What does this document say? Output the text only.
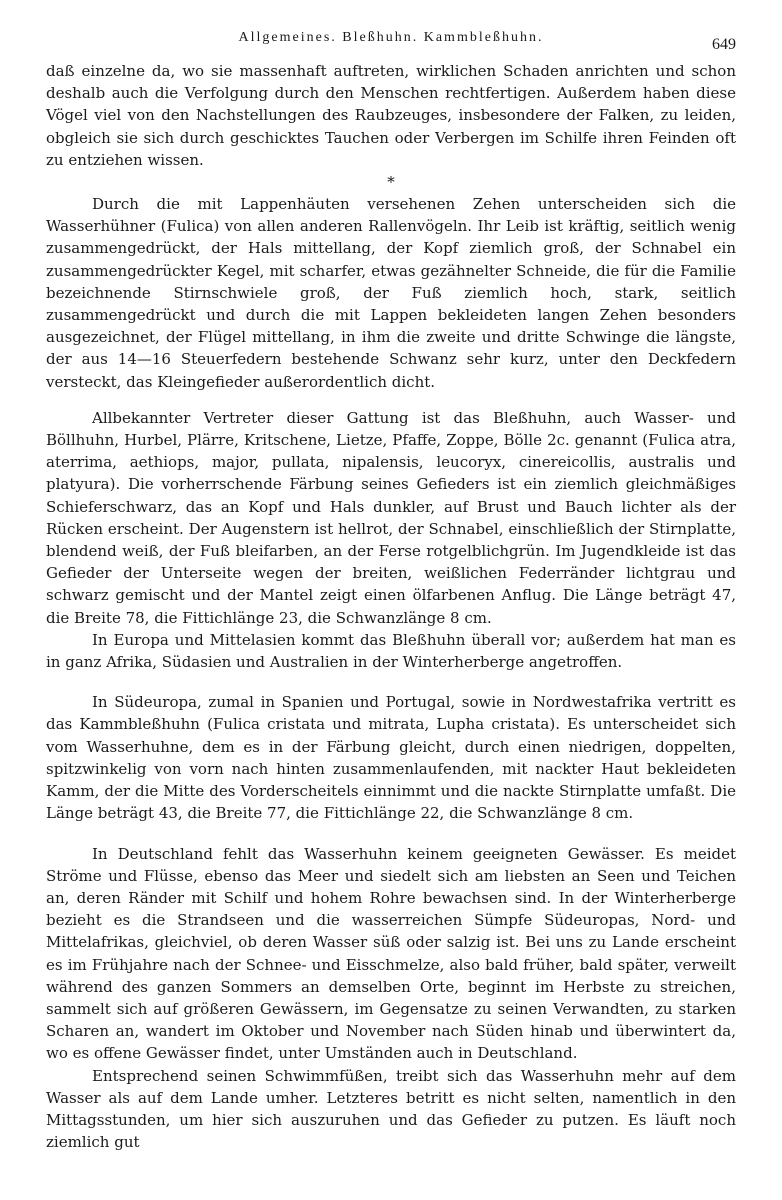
Allgemeines. Bleßhuhn. Kammbleßhuhn.	649

daß einzelne da, wo sie massenhaft auftreten, wirklichen Schaden anrichten und schon deshalb auch die Verfolgung durch den Menschen rechtfertigen. Außerdem haben diese Vögel viel von den Nachstellungen des Raubzeuges, insbesondere der Falken, zu leiden, obgleich sie sich durch geschicktes Tauchen oder Verbergen im Schilfe ihren Feinden oft zu entziehen wissen.

*

Durch die mit Lappenhäuten versehenen Zehen unterscheiden sich die Wasserhühner (Fulica) von allen anderen Rallenvögeln. Ihr Leib ist kräftig, seitlich wenig zusammengedrückt, der Hals mittellang, der Kopf ziemlich groß, der Schnabel ein zusammengedrückter Kegel, mit scharfer, etwas gezähnelter Schneide, die für die Familie bezeichnende Stirnschwiele groß, der Fuß ziemlich hoch, stark, seitlich zusammengedrückt und durch die mit Lappen bekleideten langen Zehen besonders ausgezeichnet, der Flügel mittellang, in ihm die zweite und dritte Schwinge die längste, der aus 14—16 Steuerfedern bestehende Schwanz sehr kurz, unter den Deckfedern versteckt, das Kleingefieder außerordentlich dicht.

Allbekannter Vertreter dieser Gattung ist das Bleßhuhn, auch Wasser- und Böllhuhn, Hurbel, Plärre, Kritschene, Lietze, Pfaffe, Zoppe, Bölle 2c. genannt (Fulica atra, aterrima, aethiops, major, pullata, nipalensis, leucoryx, cinereicollis, australis und platyura). Die vorherrschende Färbung seines Gefieders ist ein ziemlich gleichmäßiges Schieferschwarz, das an Kopf und Hals dunkler, auf Brust und Bauch lichter als der Rücken erscheint. Der Augenstern ist hellrot, der Schnabel, einschließlich der Stirnplatte, blendend weiß, der Fuß bleifarben, an der Ferse rotgelblichgrün. Im Jugendkleide ist das Gefieder der Unterseite wegen der breiten, weißlichen Federränder lichtgrau und schwarz gemischt und der Mantel zeigt einen ölfarbenen Anflug. Die Länge beträgt 47, die Breite 78, die Fittichlänge 23, die Schwanzlänge 8 cm.

In Europa und Mittelasien kommt das Bleßhuhn überall vor; außerdem hat man es in ganz Afrika, Südasien und Australien in der Winterherberge angetroffen.

In Südeuropa, zumal in Spanien und Portugal, sowie in Nordwestafrika vertritt es das Kammbleßhuhn (Fulica cristata und mitrata, Lupha cristata). Es unterscheidet sich vom Wasserhuhne, dem es in der Färbung gleicht, durch einen niedrigen, doppelten, spitzwinkelig von vorn nach hinten zusammenlaufenden, mit nackter Haut bekleideten Kamm, der die Mitte des Vorderscheitels einnimmt und die nackte Stirnplatte umfaßt. Die Länge beträgt 43, die Breite 77, die Fittichlänge 22, die Schwanzlänge 8 cm.

In Deutschland fehlt das Wasserhuhn keinem geeigneten Gewässer. Es meidet Ströme und Flüsse, ebenso das Meer und siedelt sich am liebsten an Seen und Teichen an, deren Ränder mit Schilf und hohem Rohre bewachsen sind. In der Winterherberge bezieht es die Strandseen und die wasserreichen Sümpfe Südeuropas, Nord- und Mittelafrikas, gleichviel, ob deren Wasser süß oder salzig ist. Bei uns zu Lande erscheint es im Frühjahre nach der Schnee- und Eisschmelze, also bald früher, bald später, verweilt während des ganzen Sommers an demselben Orte, beginnt im Herbste zu streichen, sammelt sich auf größeren Gewässern, im Gegensatze zu seinen Verwandten, zu starken Scharen an, wandert im Oktober und November nach Süden hinab und überwintert da, wo es offene Gewässer findet, unter Umständen auch in Deutschland.

Entsprechend seinen Schwimmfüßen, treibt sich das Wasserhuhn mehr auf dem Wasser als auf dem Lande umher. Letzteres betritt es nicht selten, namentlich in den Mittagsstunden, um hier sich auszuruhen und das Gefieder zu putzen. Es läuft noch ziemlich gut
